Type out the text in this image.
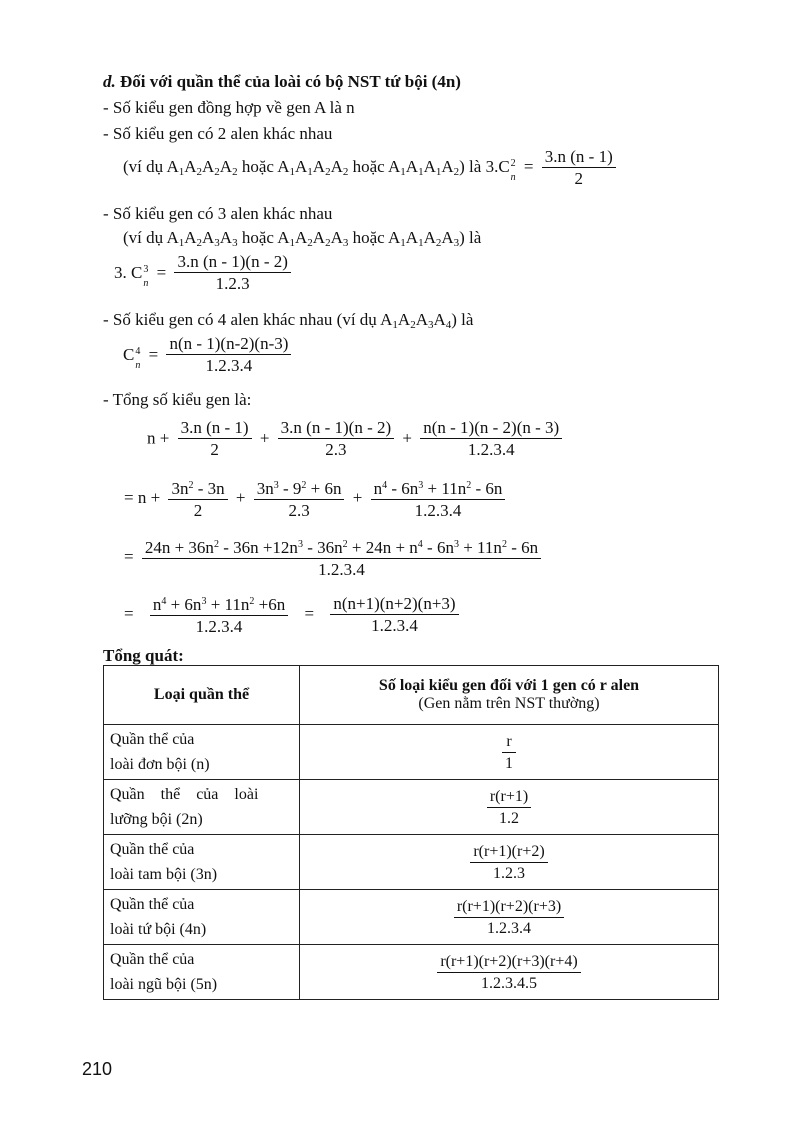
d. Đối với quần thể của loài có bộ NST tứ bội (4n)
- Số kiểu gen đồng hợp về gen A là n
- Số kiểu gen có 2 alen khác nhau
(ví dụ $A_1A_2A_2A_2$ hoặc $A_1A_1A_2A_2$ hoặc $A_1A_1A_1A_2$) là 3.C 2
n
= $\frac{3.n (n - 1)}{2}$
- Số kiểu gen có 3 alen khác nhau
(ví dụ $A_1A_2A_3A_3$ hoặc $A_1A_2A_2A_3$ hoặc $A_1A_1A_2A_3$) là
3. C 3
n
= $\frac{3.n (n - 1)(n - 2)}{1.2.3}$
- Số kiểu gen có 4 alen khác nhau (ví dụ $A_1A_2A_3A_4$) là
C 4
n
= $\frac{n(n - 1)(n-2)(n-3)}{1.2.3.4}$
- Tổng số kiểu gen là:
$n + \frac{3.n (n - 1)}{2} + \frac{3.n (n - 1)(n - 2)}{2.3} + \frac{n(n - 1)(n - 2)(n - 3)}{1.2.3.4}$
= $n + \frac{3n^2 - 3n}{2} + \frac{3n^3 - 9^2 + 6n}{2.3} + \frac{n^4 - 6n^3 + 11n^2 - 6n}{1.2.3.4}$
= $\frac{24n + 36n^2 - 36n +12n^3 - 36n^2 + 24n + n^4 - 6n^3 + 11n^2 - 6n}{1.2.3.4}$
= $\frac{n^4 + 6n^3 + 11n^2 +6n}{1.2.3.4} = \frac{n(n+1)(n+2)(n+3)}{1.2.3.4}$
Tổng quát:
Loại quần thể	Số loại kiểu gen đối với 1 gen có r alen
(Gen nằm trên NST thường)

Quần thể của
loài đơn bội (n)	$\frac{r}{1}$

Quần thể của loài
lưỡng bội (2n)	$\frac{r(r+1)}{1.2}$

Quần thể của
loài tam bội (3n)	$\frac{r(r+1)(r+2)}{1.2.3}$

Quần thể của
loài tứ bội (4n)	$\frac{r(r+1)(r+2)(r+3)}{1.2.3.4}$

Quần thể của
loài ngũ bội (5n)	$\frac{r(r+1)(r+2)(r+3)(r+4)}{1.2.3.4.5}$
210
